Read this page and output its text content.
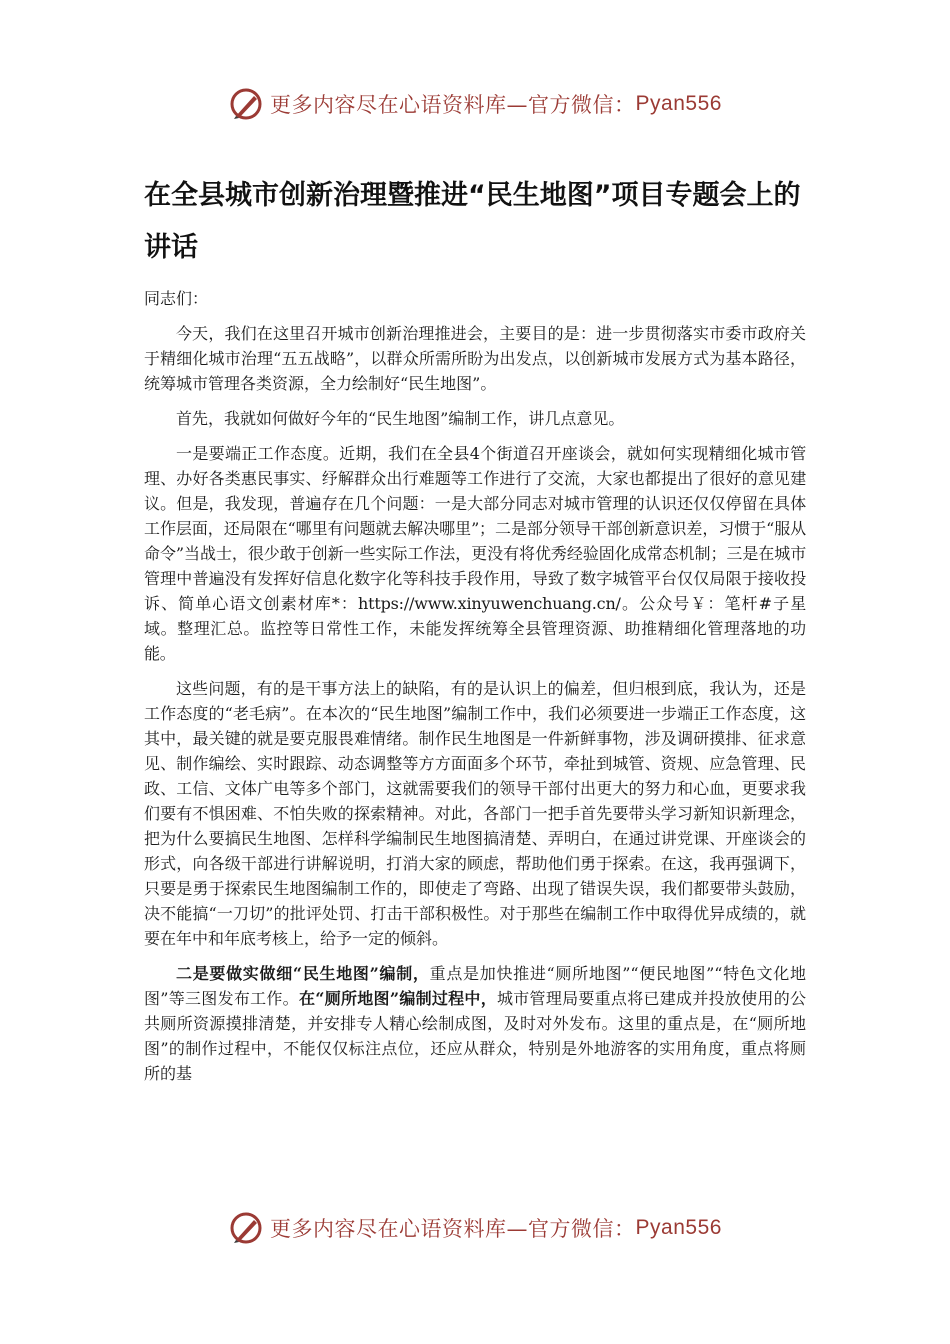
更多内容尽在心语资料库—官方微信： Pyan556
在全县城市创新治理暨推进“民生地图”项目专题会上的讲话
同志们：

今天，我们在这里召开城市创新治理推进会，主要目的是：进一步贯彻落实市委市政府关于精细化城市治理“五五战略”，以群众所需所盼为出发点，以创新城市发展方式为基本路径，统筹城市管理各类资源，全力绘制好“民生地图”。

首先，我就如何做好今年的“民生地图”编制工作，讲几点意见。

一是要端正工作态度。近期，我们在全县4个街道召开座谈会，就如何实现精细化城市管理、办好各类惠民事实、纾解群众出行难题等工作进行了交流，大家也都提出了很好的意见建议。但是，我发现，普遍存在几个问题：一是大部分同志对城市管理的认识还仅仅停留在具体工作层面，还局限在“哪里有问题就去解决哪里”；二是部分领导干部创新意识差，习惯于“服从命令”当战士，很少敢于创新一些实际工作法，更没有将优秀经验固化成常态机制；三是在城市管理中普遍没有发挥好信息化数字化等科技手段作用，导致了数字城管平台仅仅局限于接收投诉、简单心语文创素材库*：https://www.xinyuwenchuang.cn/。公众号￥：笔杆#子星域。整理汇总。监控等日常性工作，未能发挥统筹全县管理资源、助推精细化管理落地的功能。

这些问题，有的是干事方法上的缺陷，有的是认识上的偏差，但归根到底，我认为，还是工作态度的“老毛病”。在本次的“民生地图”编制工作中，我们必须要进一步端正工作态度，这其中，最关键的就是要克服畏难情绪。制作民生地图是一件新鲜事物，涉及调研摸排、征求意见、制作编绘、实时跟踪、动态调整等方方面面多个环节，牵扯到城管、资规、应急管理、民政、工信、文体广电等多个部门，这就需要我们的领导干部付出更大的努力和心血，更要求我们要有不惧困难、不怕失败的探索精神。对此，各部门一把手首先要带头学习新知识新理念，把为什么要搞民生地图、怎样科学编制民生地图搞清楚、弄明白，在通过讲党课、开座谈会的形式，向各级干部进行讲解说明，打消大家的顾虑，帮助他们勇于探索。在这，我再强调下，只要是勇于探索民生地图编制工作的，即使走了弯路、出现了错误失误，我们都要带头鼓励，决不能搞“一刀切”的批评处罚、打击干部积极性。对于那些在编制工作中取得优异成绩的，就要在年中和年底考核上，给予一定的倾斜。

二是要做实做细“民生地图”编制，重点是加快推进“厕所地图”“便民地图”“特色文化地图”等三图发布工作。在“厕所地图”编制过程中，城市管理局要重点将已建成并投放使用的公共厕所资源摸排清楚，并安排专人精心绘制成图，及时对外发布。这里的重点是，在“厕所地图”的制作过程中，不能仅仅标注点位，还应从群众，特别是外地游客的实用角度，重点将厕所的基

更多内容尽在心语资料库—官方微信： Pyan556
